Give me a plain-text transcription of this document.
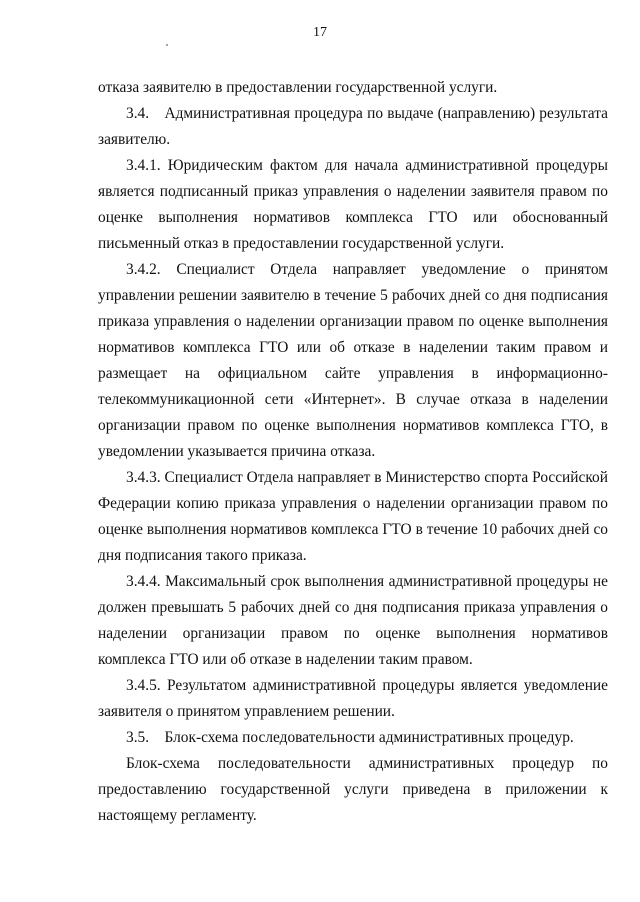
17

отказа заявителю в предоставлении государственной услуги.

3.4. Административная процедура по выдаче (направлению) результата заявителю.

3.4.1. Юридическим фактом для начала административной процедуры является подписанный приказ управления о наделении заявителя правом по оценке выполнения нормативов комплекса ГТО или обоснованный письменный отказ в предоставлении государственной услуги.

3.4.2. Специалист Отдела направляет уведомление о принятом управлении решении заявителю в течение 5 рабочих дней со дня подписания приказа управления о наделении организации правом по оценке выполнения нормативов комплекса ГТО или об отказе в наделении таким правом и размещает на официальном сайте управления в информационно-телекоммуникационной сети «Интернет». В случае отказа в наделении организации правом по оценке выполнения нормативов комплекса ГТО, в уведомлении указывается причина отказа.

3.4.3. Специалист Отдела направляет в Министерство спорта Российской Федерации копию приказа управления о наделении организации правом по оценке выполнения нормативов комплекса ГТО в течение 10 рабочих дней со дня подписания такого приказа.

3.4.4. Максимальный срок выполнения административной процедуры не должен превышать 5 рабочих дней со дня подписания приказа управления о наделении организации правом по оценке выполнения нормативов комплекса ГТО или об отказе в наделении таким правом.

3.4.5. Результатом административной процедуры является уведомление заявителя о принятом управлением решении.

3.5. Блок-схема последовательности административных процедур.

Блок-схема последовательности административных процедур по предоставлению государственной услуги приведена в приложении к настоящему регламенту.
